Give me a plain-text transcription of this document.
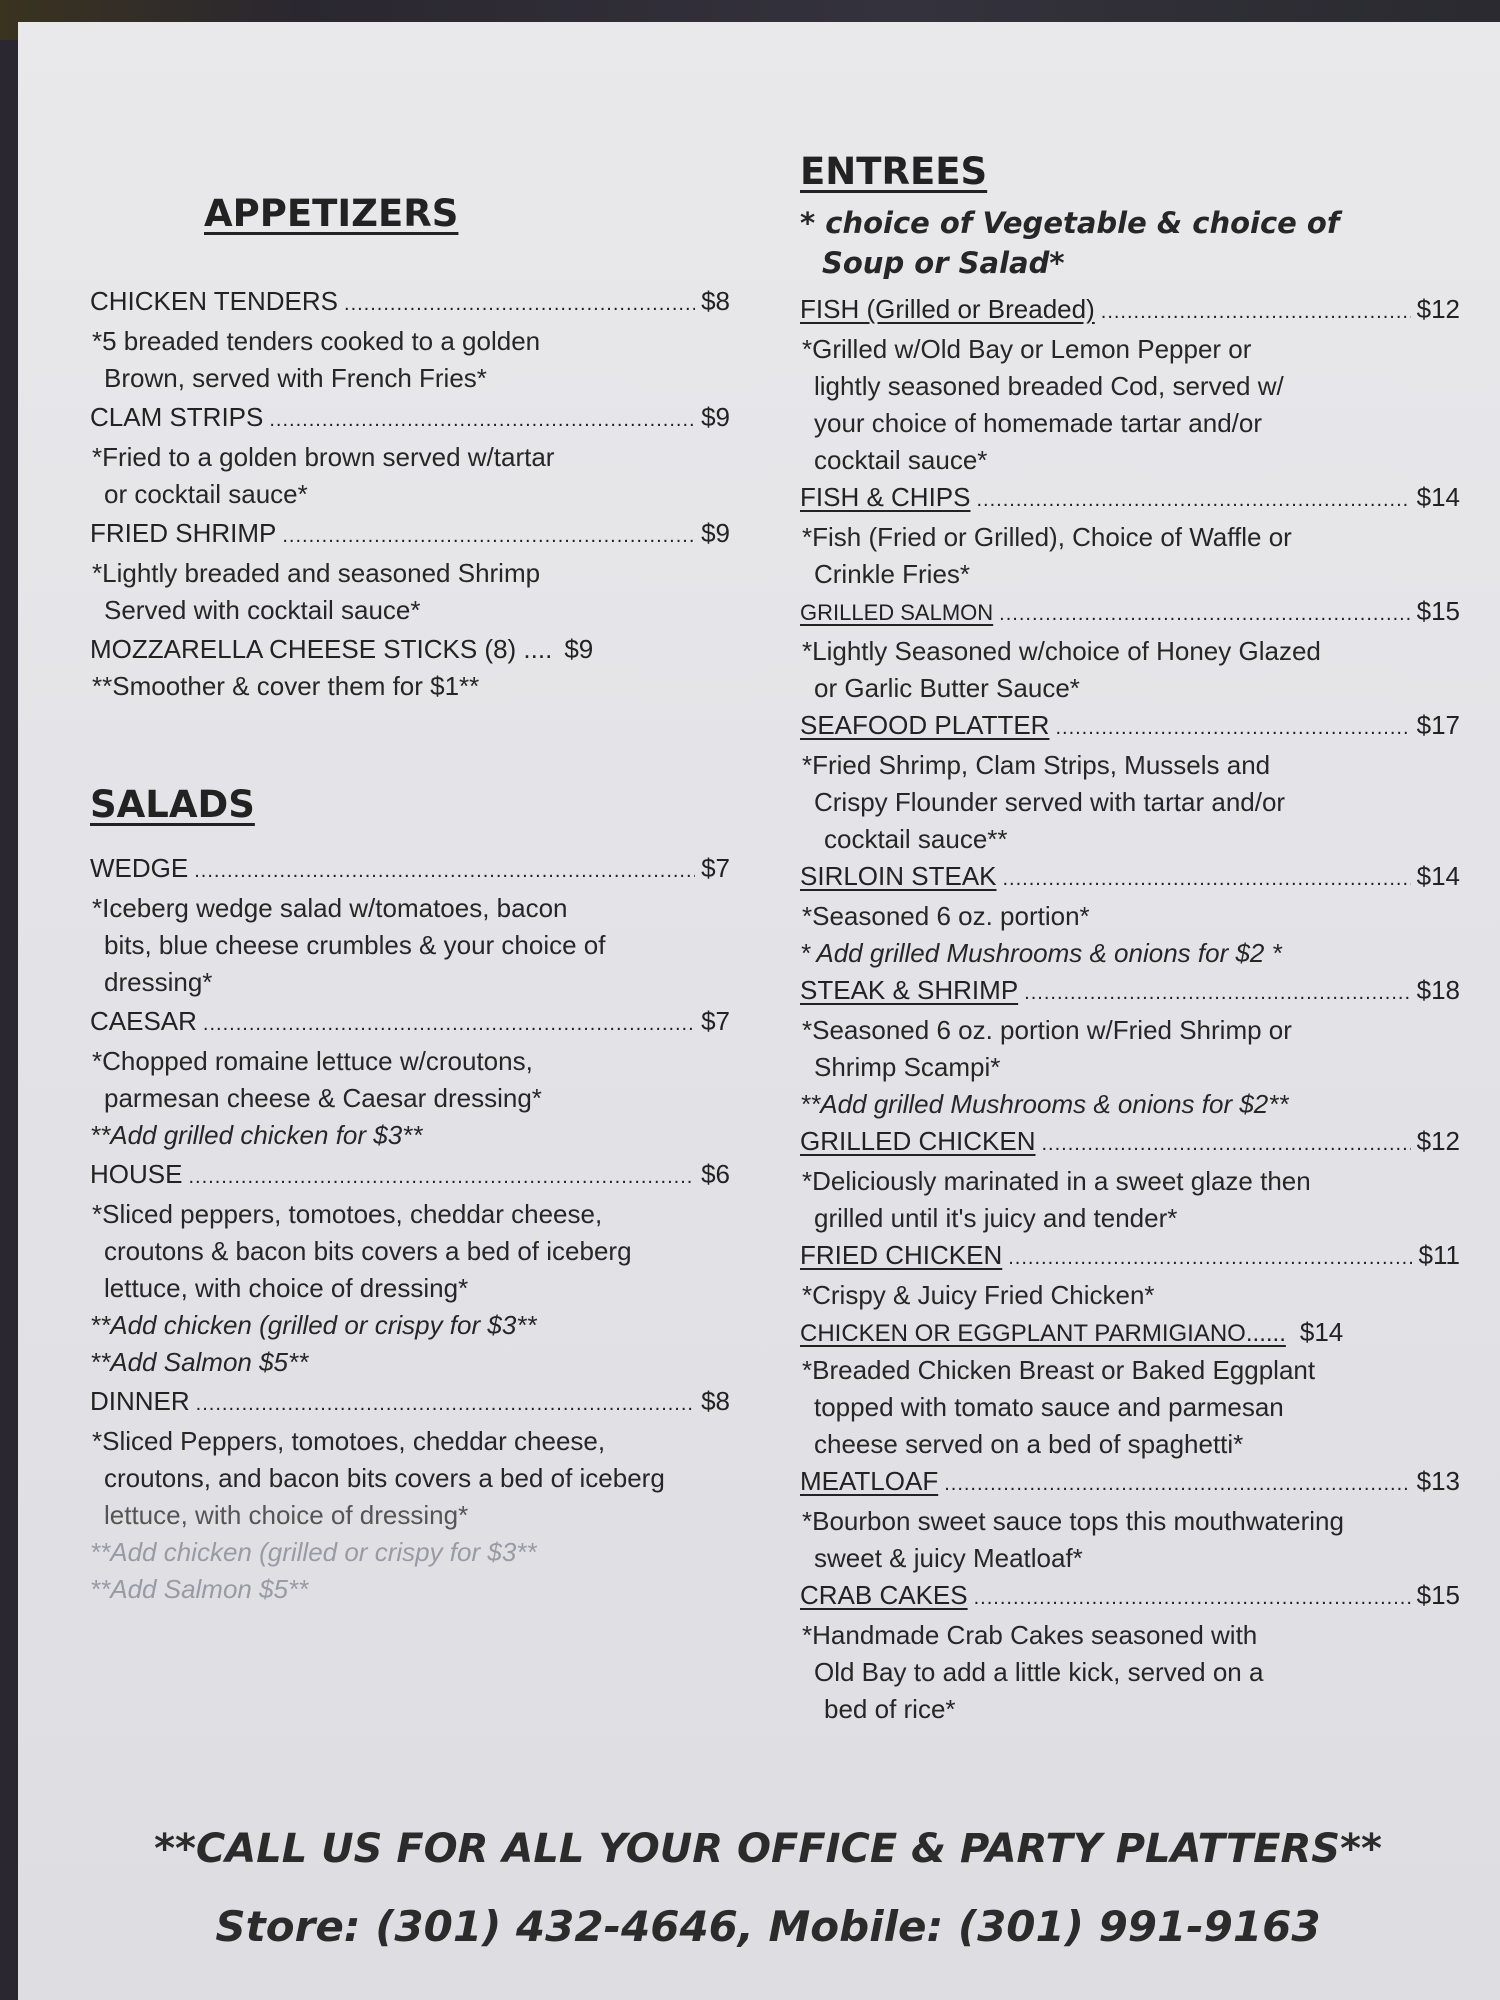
APPETIZERS
CHICKEN TENDERS .....	$8
*5 breaded tenders cooked to a golden
Brown, served with French Fries*
CLAM STRIPS .....	$9
*Fried to a golden brown served w/tartar
or cocktail sauce*
FRIED SHRIMP .....	$9
*Lightly breaded and seasoned Shrimp
Served with cocktail sauce*
MOZZARELLA CHEESE STICKS (8) .... $9
**Smoother & cover them for $1**
SALADS
WEDGE .....	$7
*Iceberg wedge salad w/tomatoes, bacon
bits, blue cheese crumbles & your choice of
dressing*
CAESAR .....	$7
*Chopped romaine lettuce w/croutons,
parmesan cheese & Caesar dressing*
**Add grilled chicken for $3**
HOUSE .....	$6
*Sliced peppers, tomotoes, cheddar cheese,
croutons & bacon bits covers a bed of iceberg
lettuce, with choice of dressing*
**Add chicken (grilled or crispy for $3**
**Add Salmon $5**
DINNER .....	$8
*Sliced Peppers, tomotoes, cheddar cheese,
croutons, and bacon bits covers a bed of iceberg
lettuce, with choice of dressing*
**Add chicken (grilled or crispy for $3**
**Add Salmon $5**
ENTREES
* choice of Vegetable & choice of
Soup or Salad*
FISH (Grilled or Breaded) .....	$12
*Grilled w/Old Bay or Lemon Pepper or
lightly seasoned breaded Cod, served w/
your choice of homemade tartar and/or
cocktail sauce*
FISH & CHIPS .....	$14
*Fish (Fried or Grilled), Choice of Waffle or
Crinkle Fries*
GRILLED SALMON .....	$15
*Lightly Seasoned w/choice of Honey Glazed
or Garlic Butter Sauce*
SEAFOOD PLATTER .....	$17
*Fried Shrimp, Clam Strips, Mussels and
Crispy Flounder served with tartar and/or
cocktail sauce**
SIRLOIN STEAK .....	$14
*Seasoned 6 oz. portion*
* Add grilled Mushrooms & onions for $2 *
STEAK & SHRIMP .....	$18
*Seasoned 6 oz. portion w/Fried Shrimp or
Shrimp Scampi*
**Add grilled Mushrooms & onions for $2**
GRILLED CHICKEN .....	$12
*Deliciously marinated in a sweet glaze then
grilled until it's juicy and tender*
FRIED CHICKEN .....	$11
*Crispy & Juicy Fried Chicken*
CHICKEN OR EGGPLANT PARMIGIANO...... $14
*Breaded Chicken Breast or Baked Eggplant
topped with tomato sauce and parmesan
cheese served on a bed of spaghetti*
MEATLOAF .....	$13
*Bourbon sweet sauce tops this mouthwatering
sweet & juicy Meatloaf*
CRAB CAKES .....	$15
*Handmade Crab Cakes seasoned with
Old Bay to add a little kick, served on a
bed of rice*
**CALL US FOR ALL YOUR OFFICE & PARTY PLATTERS**
Store: (301) 432-4646, Mobile: (301) 991-9163
